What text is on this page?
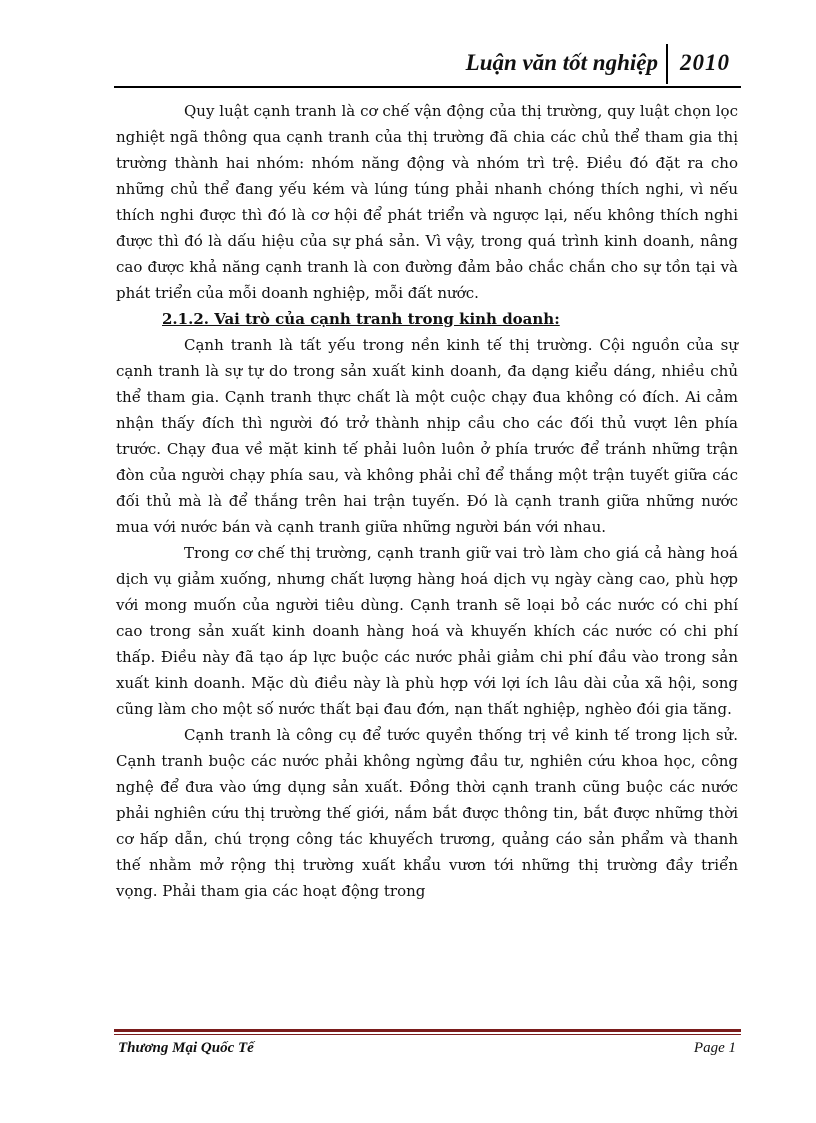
Luận văn tốt nghiệp 2010

Quy luật cạnh tranh là cơ chế vận động của thị trường, quy luật chọn lọc nghiệt ngã thông qua cạnh tranh của thị trường đã chia các chủ thể tham gia thị trường thành hai nhóm: nhóm năng động và nhóm trì trệ. Điều đó đặt ra cho những chủ thể đang yếu kém và lúng túng phải nhanh chóng thích nghi, vì nếu thích nghi được thì đó là cơ hội để phát triển và ngược lại, nếu không thích nghi được thì đó là dấu hiệu của sự phá sản. Vì vậy, trong quá trình kinh doanh, nâng cao được khả năng cạnh tranh là con đường đảm bảo chắc chắn cho sự tồn tại và phát triển của mỗi doanh nghiệp, mỗi đất nước.

2.1.2. Vai trò của cạnh tranh trong kinh doanh:

Cạnh tranh là tất yếu trong nền kinh tế thị trường. Cội nguồn của sự cạnh tranh là sự tự do trong sản xuất kinh doanh, đa dạng kiểu dáng, nhiều chủ thể tham gia. Cạnh tranh thực chất là một cuộc chạy đua không có đích. Ai cảm nhận thấy đích thì người đó trở thành nhịp cầu cho các đối thủ vượt lên phía trước. Chạy đua về mặt kinh tế phải luôn luôn ở phía trước để tránh những trận đòn của người chạy phía sau, và không phải chỉ để thắng một trận tuyết giữa các đối thủ mà là để thắng trên hai trận tuyến. Đó là cạnh tranh giữa những nước mua với nước bán và cạnh tranh giữa những người bán với nhau.

Trong cơ chế thị trường, cạnh tranh giữ vai trò làm cho giá cả hàng hoá dịch vụ giảm xuống, nhưng chất lượng hàng hoá dịch vụ ngày càng cao, phù hợp với mong muốn của người tiêu dùng. Cạnh tranh sẽ loại bỏ các nước có chi phí cao trong sản xuất kinh doanh hàng hoá và khuyến khích các nước có chi phí thấp. Điều này đã tạo áp lực buộc các nước phải giảm chi phí đầu vào trong sản xuất kinh doanh. Mặc dù điều này là phù hợp với lợi ích lâu dài của xã hội, song cũng làm cho một số nước thất bại đau đớn, nạn thất nghiệp, nghèo đói gia tăng.

Cạnh tranh là công cụ để tước quyền thống trị về kinh tế trong lịch sử. Cạnh tranh buộc các nước phải không ngừng đầu tư, nghiên cứu khoa học, công nghệ để đưa vào ứng dụng sản xuất. Đồng thời cạnh tranh cũng buộc các nước phải nghiên cứu thị trường thế giới, nắm bắt được thông tin, bắt được những thời cơ hấp dẫn, chú trọng công tác khuyếch trương, quảng cáo sản phẩm và thanh thế nhằm mở rộng thị trường xuất khẩu vươn tới những thị trường đầy triển vọng. Phải tham gia các hoạt động trong

Thương Mại Quốc Tế	Page 1
